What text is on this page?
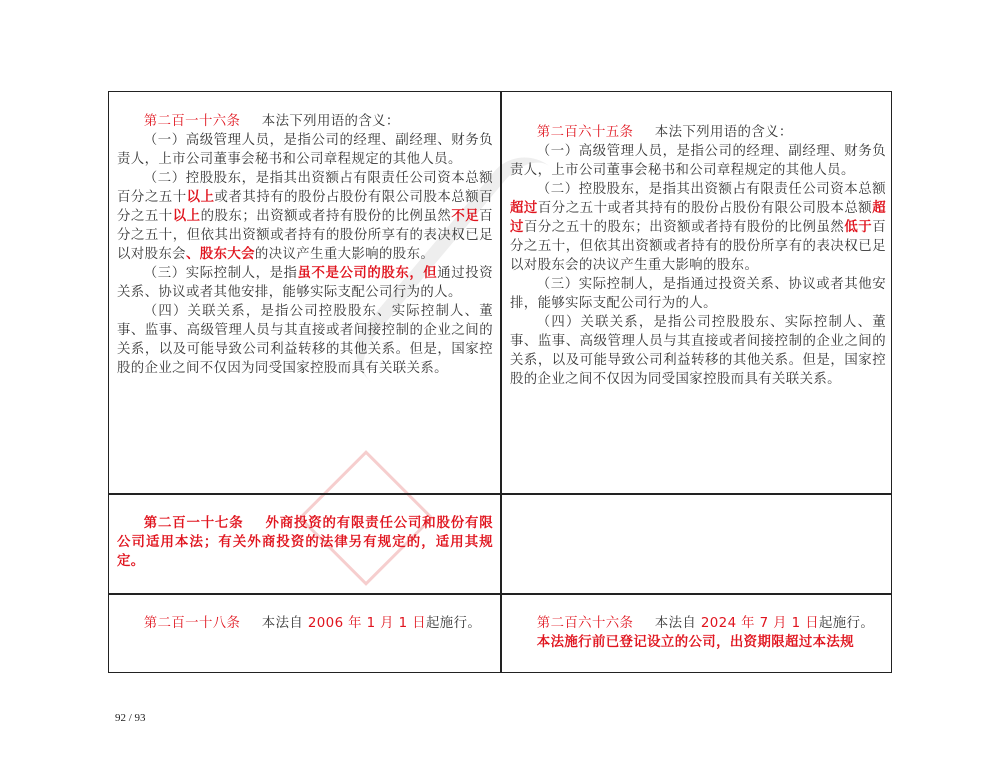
第二百一十六条 本法下列用语的含义：

（一）高级管理人员，是指公司的经理、副经理、财务负责人，上市公司董事会秘书和公司章程规定的其他人员。

（二）控股股东，是指其出资额占有限责任公司资本总额百分之五十以上或者其持有的股份占股份有限公司股本总额百分之五十以上的股东；出资额或者持有股份的比例虽然不足百分之五十，但依其出资额或者持有的股份所享有的表决权已足以对股东会、股东大会的决议产生重大影响的股东。

（三）实际控制人，是指虽不是公司的股东，但通过投资关系、协议或者其他安排，能够实际支配公司行为的人。

（四）关联关系，是指公司控股股东、实际控制人、董事、监事、高级管理人员与其直接或者间接控制的企业之间的关系，以及可能导致公司利益转移的其他关系。但是，国家控股的企业之间不仅因为同受国家控股而具有关联关系。

第二百六十五条 本法下列用语的含义：

（一）高级管理人员，是指公司的经理、副经理、财务负责人，上市公司董事会秘书和公司章程规定的其他人员。

（二）控股股东，是指其出资额占有限责任公司资本总额超过百分之五十或者其持有的股份占股份有限公司股本总额超过百分之五十的股东；出资额或者持有股份的比例虽然低于百分之五十，但依其出资额或者持有的股份所享有的表决权已足以对股东会的决议产生重大影响的股东。

（三）实际控制人，是指通过投资关系、协议或者其他安排，能够实际支配公司行为的人。

（四）关联关系，是指公司控股股东、实际控制人、董事、监事、高级管理人员与其直接或者间接控制的企业之间的关系，以及可能导致公司利益转移的其他关系。但是，国家控股的企业之间不仅因为同受国家控股而具有关联关系。

第二百一十七条 外商投资的有限责任公司和股份有限公司适用本法；有关外商投资的法律另有规定的，适用其规定。

第二百一十八条 本法自 2006 年 1 月 1 日起施行。	第二百六十六条 本法自 2024 年 7 月 1 日起施行。

本法施行前已登记设立的公司，出资期限超过本法规

92 / 93
